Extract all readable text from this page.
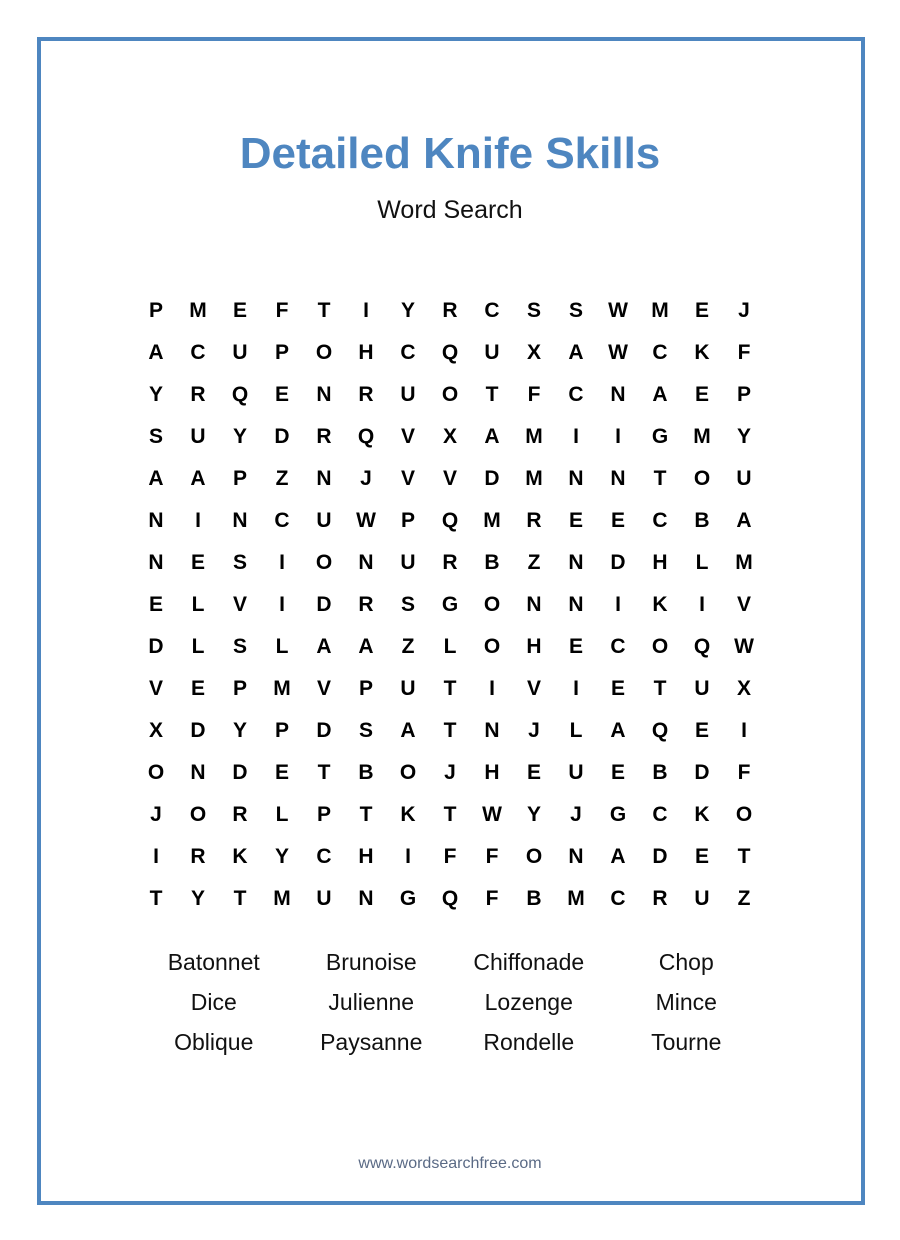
Detailed Knife Skills
Word Search
P	M	E	F	T	I	Y	R	C	S	S	W	M	E	J
A	C	U	P	O	H	C	Q	U	X	A	W	C	K	F
Y	R	Q	E	N	R	U	O	T	F	C	N	A	E	P
S	U	Y	D	R	Q	V	X	A	M	I	I	G	M	Y
A	A	P	Z	N	J	V	V	D	M	N	N	T	O	U
N	I	N	C	U	W	P	Q	M	R	E	E	C	B	A
N	E	S	I	O	N	U	R	B	Z	N	D	H	L	M
E	L	V	I	D	R	S	G	O	N	N	I	K	I	V
D	L	S	L	A	A	Z	L	O	H	E	C	O	Q	W
V	E	P	M	V	P	U	T	I	V	I	E	T	U	X
X	D	Y	P	D	S	A	T	N	J	L	A	Q	E	I
O	N	D	E	T	B	O	J	H	E	U	E	B	D	F
J	O	R	L	P	T	K	T	W	Y	J	G	C	K	O
I	R	K	Y	C	H	I	F	F	O	N	A	D	E	T
T	Y	T	M	U	N	G	Q	F	B	M	C	R	U	Z
Batonnet	Brunoise	Chiffonade	Chop
Dice	Julienne	Lozenge	Mince
Oblique	Paysanne	Rondelle	Tourne
www.wordsearchfree.com
